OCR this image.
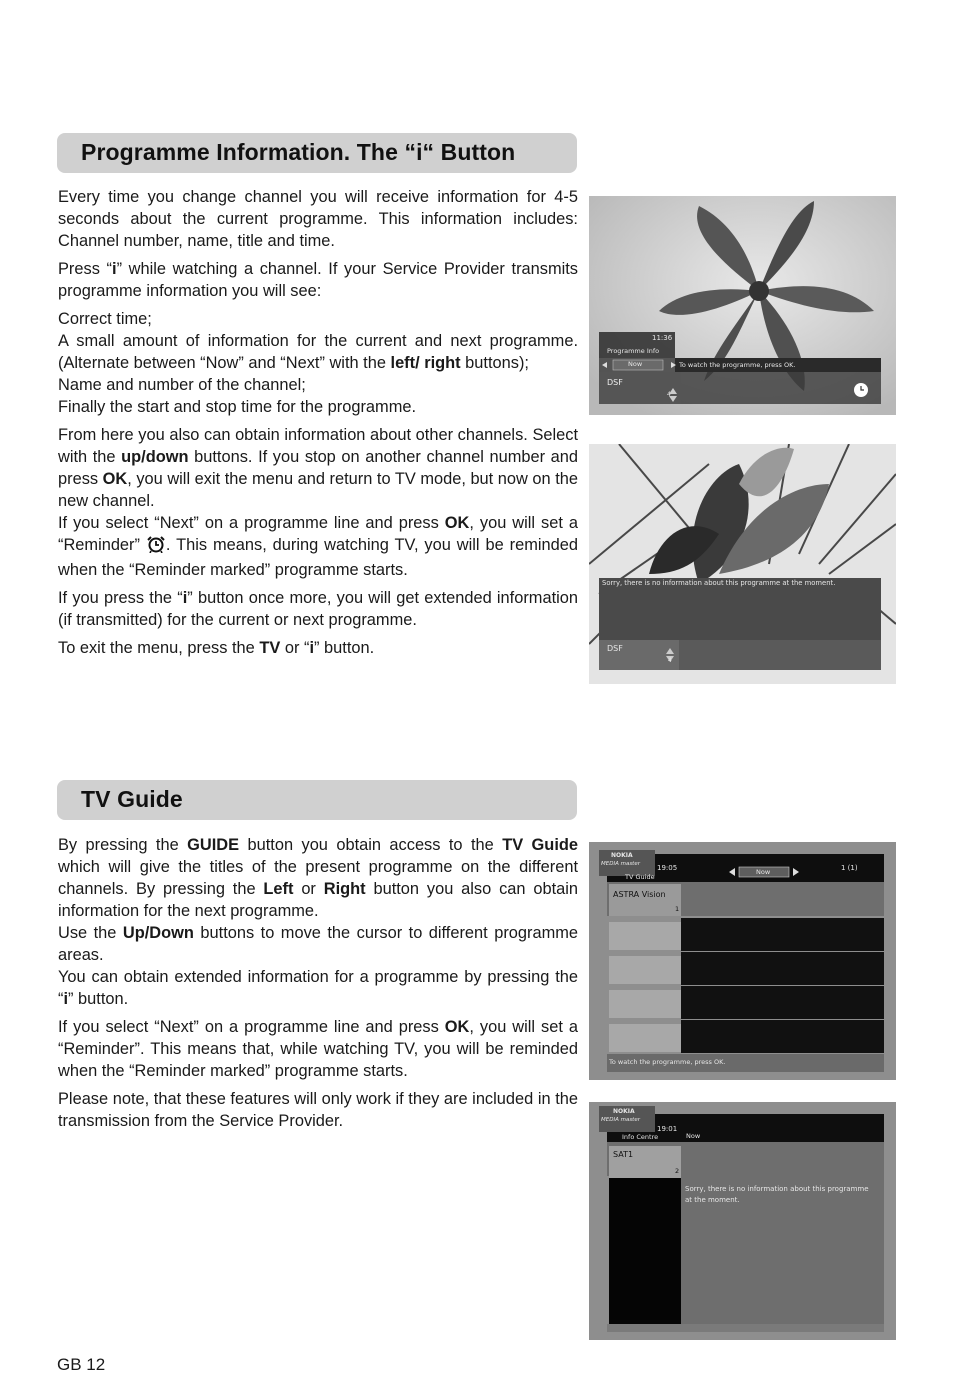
Programme Information. The “i“ Button

Every time you change channel you will receive information for 4-5 seconds about the current programme. This information includes: Channel number, name, title and time.

Press “i” while watching a channel. If your Service Provider transmits programme information you will see:

Correct time;
A small amount of information for the current and next programme. (Alternate between “Now” and “Next” with the left/ right buttons);
Name and number of the channel;
Finally the start and stop time for the programme.

From here you also can obtain information about other channels. Select with the up/down buttons. If you stop on another channel number and press OK, you will exit the menu and return to TV mode, but now on the new channel.

If you select “Next” on a programme line and press OK, you will set a “Reminder” . This means, during watching TV, you will be reminded when the “Reminder marked” programme starts.

If you press the “i” button once more, you will get extended information (if transmitted) for the current or next programme.

To exit the menu, press the TV or “i” button.

11:36
Programme Info
Now	To watch the programme, press OK.
DSF
4
Sorry, there is no information about this programme at the moment.
DSF
4
TV Guide

By pressing the GUIDE button you obtain access to the TV Guide which will give the titles of the present programme on the different channels. By pressing the Left or Right button you also can obtain information for the next programme.

Use the Up/Down buttons to move the cursor to different programme areas.

You can obtain extended information for a programme by pressing the “i” button.

If you select “Next” on a programme line and press OK, you will set a “Reminder”. This means that, while watching TV, you will be reminded when the “Reminder marked” programme starts.

Please note, that these features will only work if they are included in the transmission from the Service Provider.

NOKIA
MEDIA master 19:05
TV Guide
Now	1 (1)
ASTRA Vision
1
To watch the programme, press OK.
NOKIA
MEDIA master
19:01
Info Centre	Now
SAT1
2
Sorry, there is no information about this programme at the moment.
GB 12
